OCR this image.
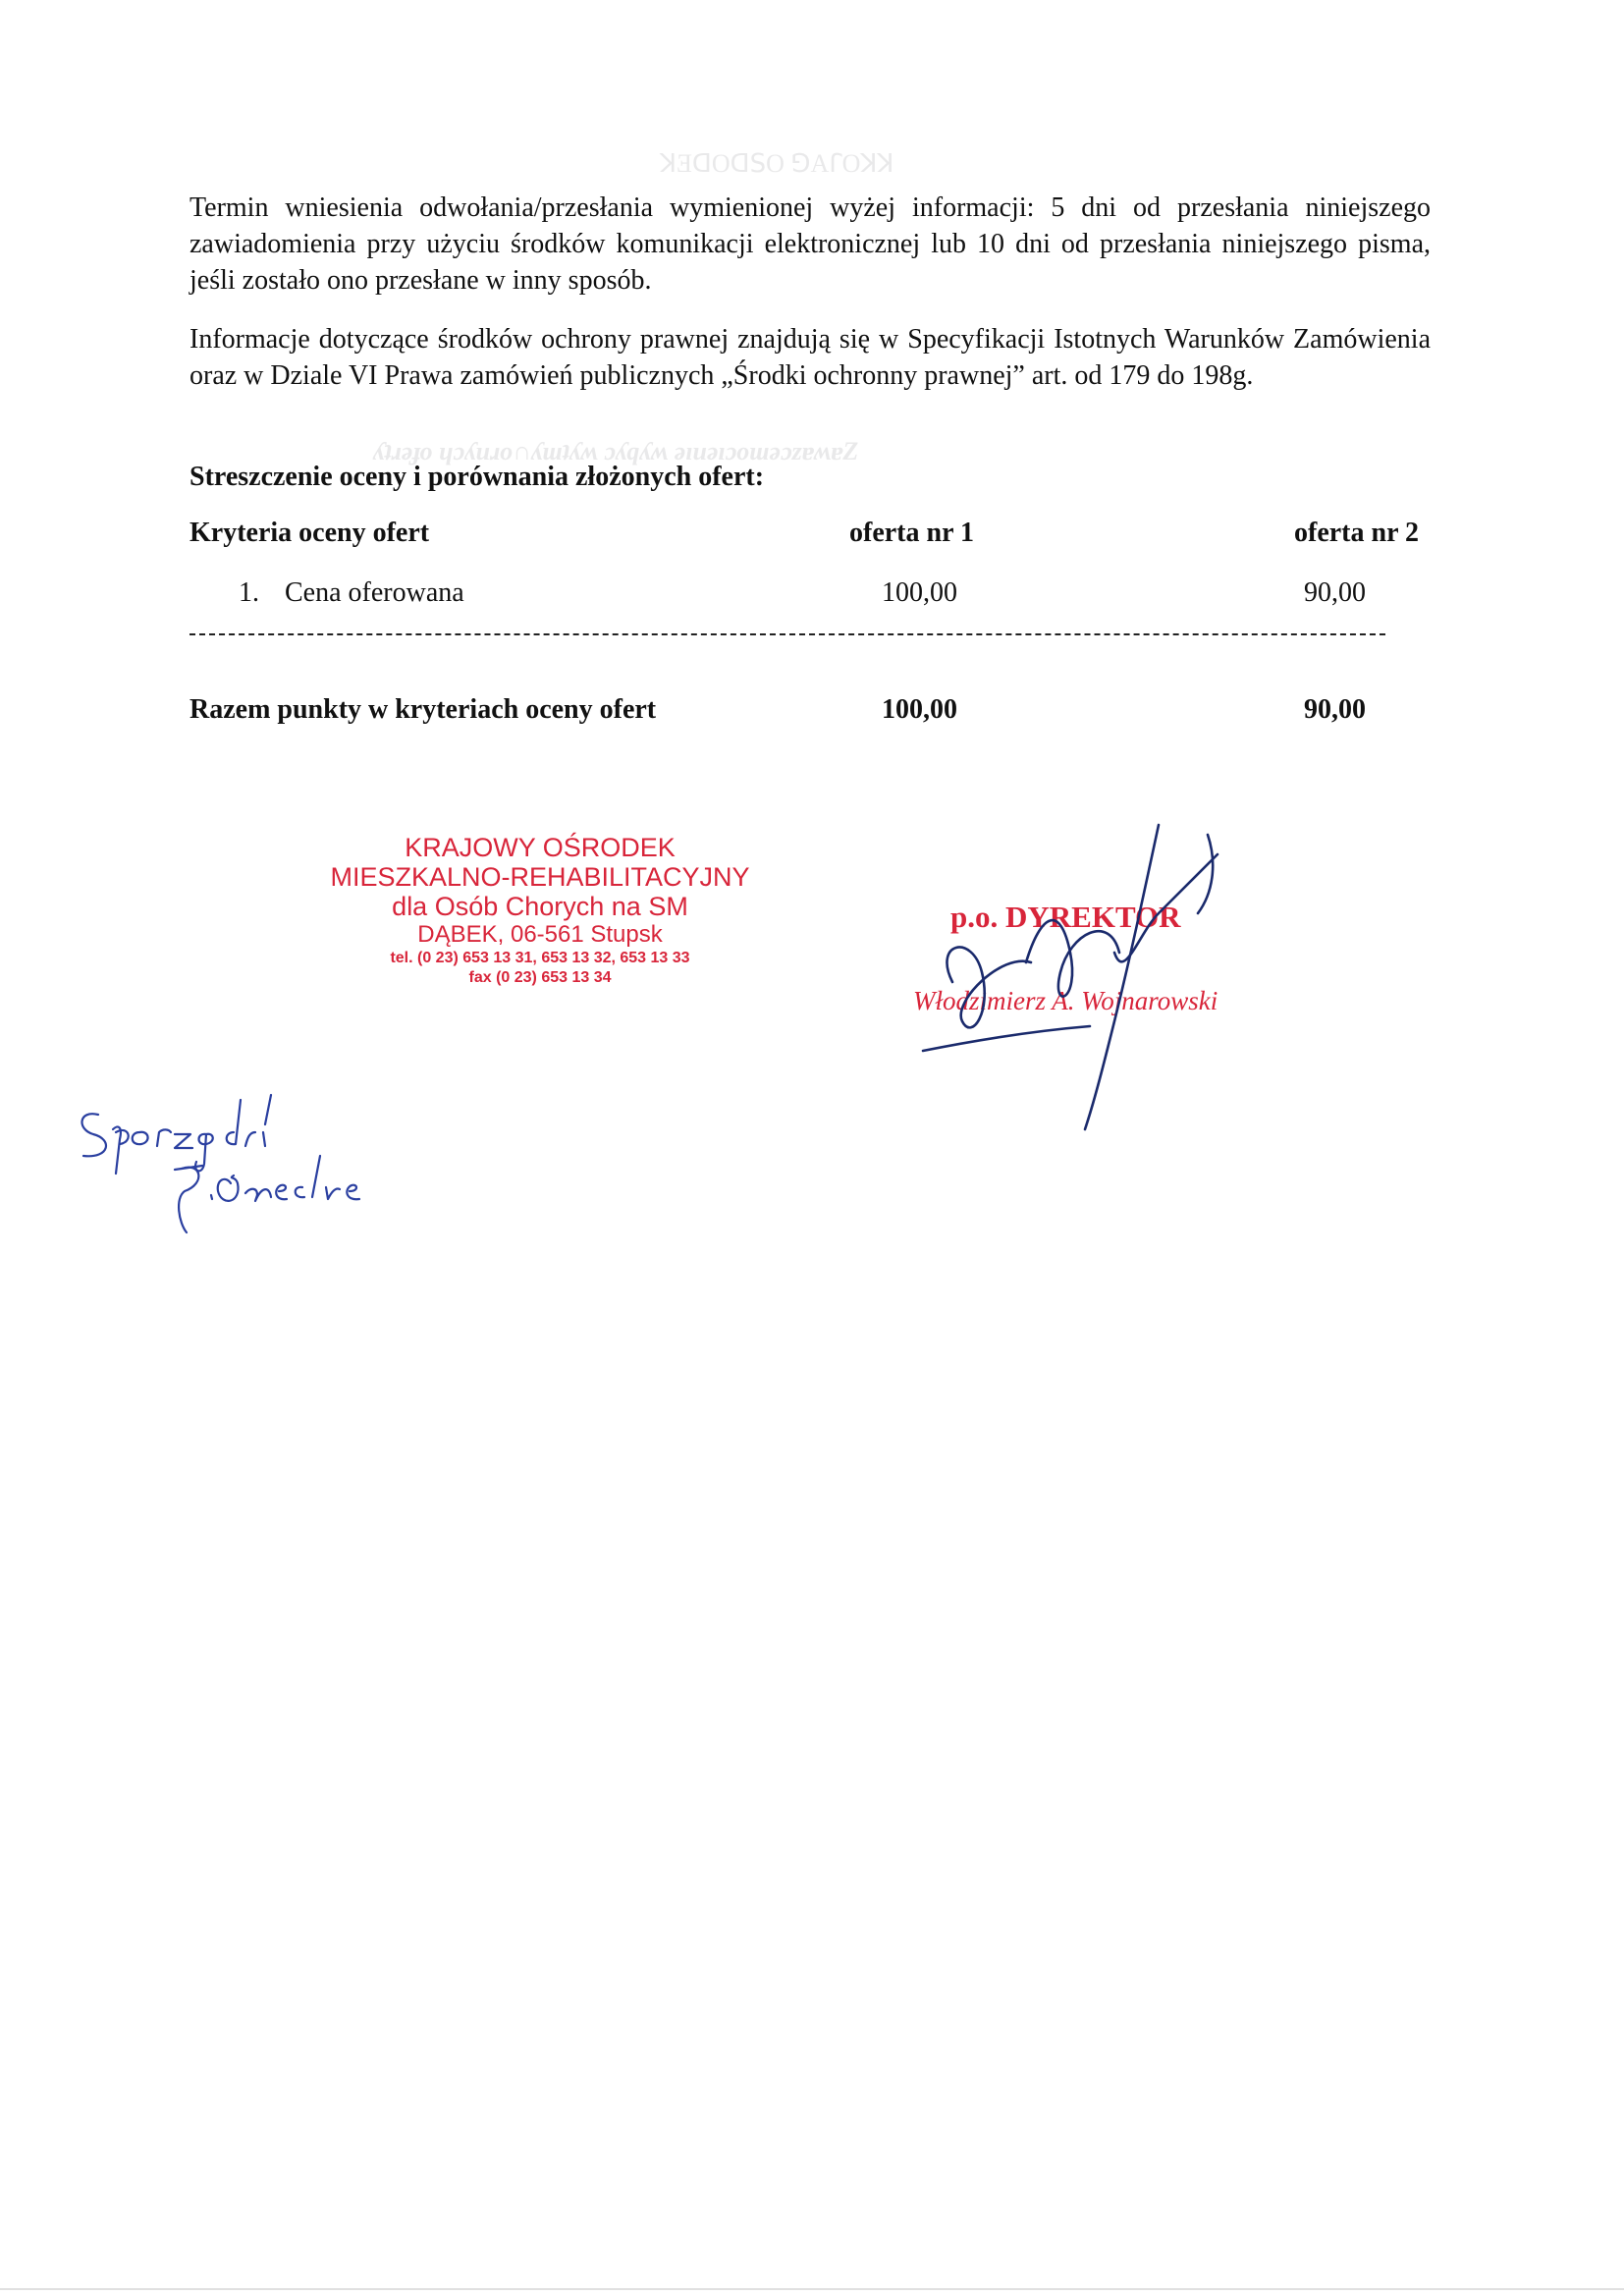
ꓘƎꓷOꓷꓢO ꓨAꓩOꓘꓘ
ʎʇɹǝɟo ɥɔʎuɹo∩ʎɯʇʎʍ ɔʎqʎʍ ǝıuǝıɔoɯǝɔzɐʍɐZ

Termin wniesienia odwołania/przesłania wymienionej wyżej informacji: 5 dni od przesłania niniejszego zawiadomienia przy użyciu środków komunikacji elektronicznej lub 10 dni od przesłania niniejszego pisma, jeśli zostało ono przesłane w inny sposób.

Informacje dotyczące środków ochrony prawnej znajdują się w Specyfikacji Istotnych Warunków Zamówienia oraz w Dziale VI Prawa zamówień publicznych „Środki ochronny prawnej” art. od 179 do 198g.

Streszczenie oceny i porównania złożonych ofert:

Kryteria oceny ofert	oferta nr 1	oferta nr 2
1. Cena oferowana	100,00	90,00
Razem punkty w kryteriach oceny ofert	100,00	90,00
KRAJOWY OŚRODEK
MIESZKALNO-REHABILITACYJNY
dla Osób Chorych na SM
DĄBEK, 06-561 Stupsk
tel. (0 23) 653 13 31, 653 13 32, 653 13 33
fax (0 23) 653 13 34
p.o. DYREKTOR
Włodzimierz A. Wojnarowski
